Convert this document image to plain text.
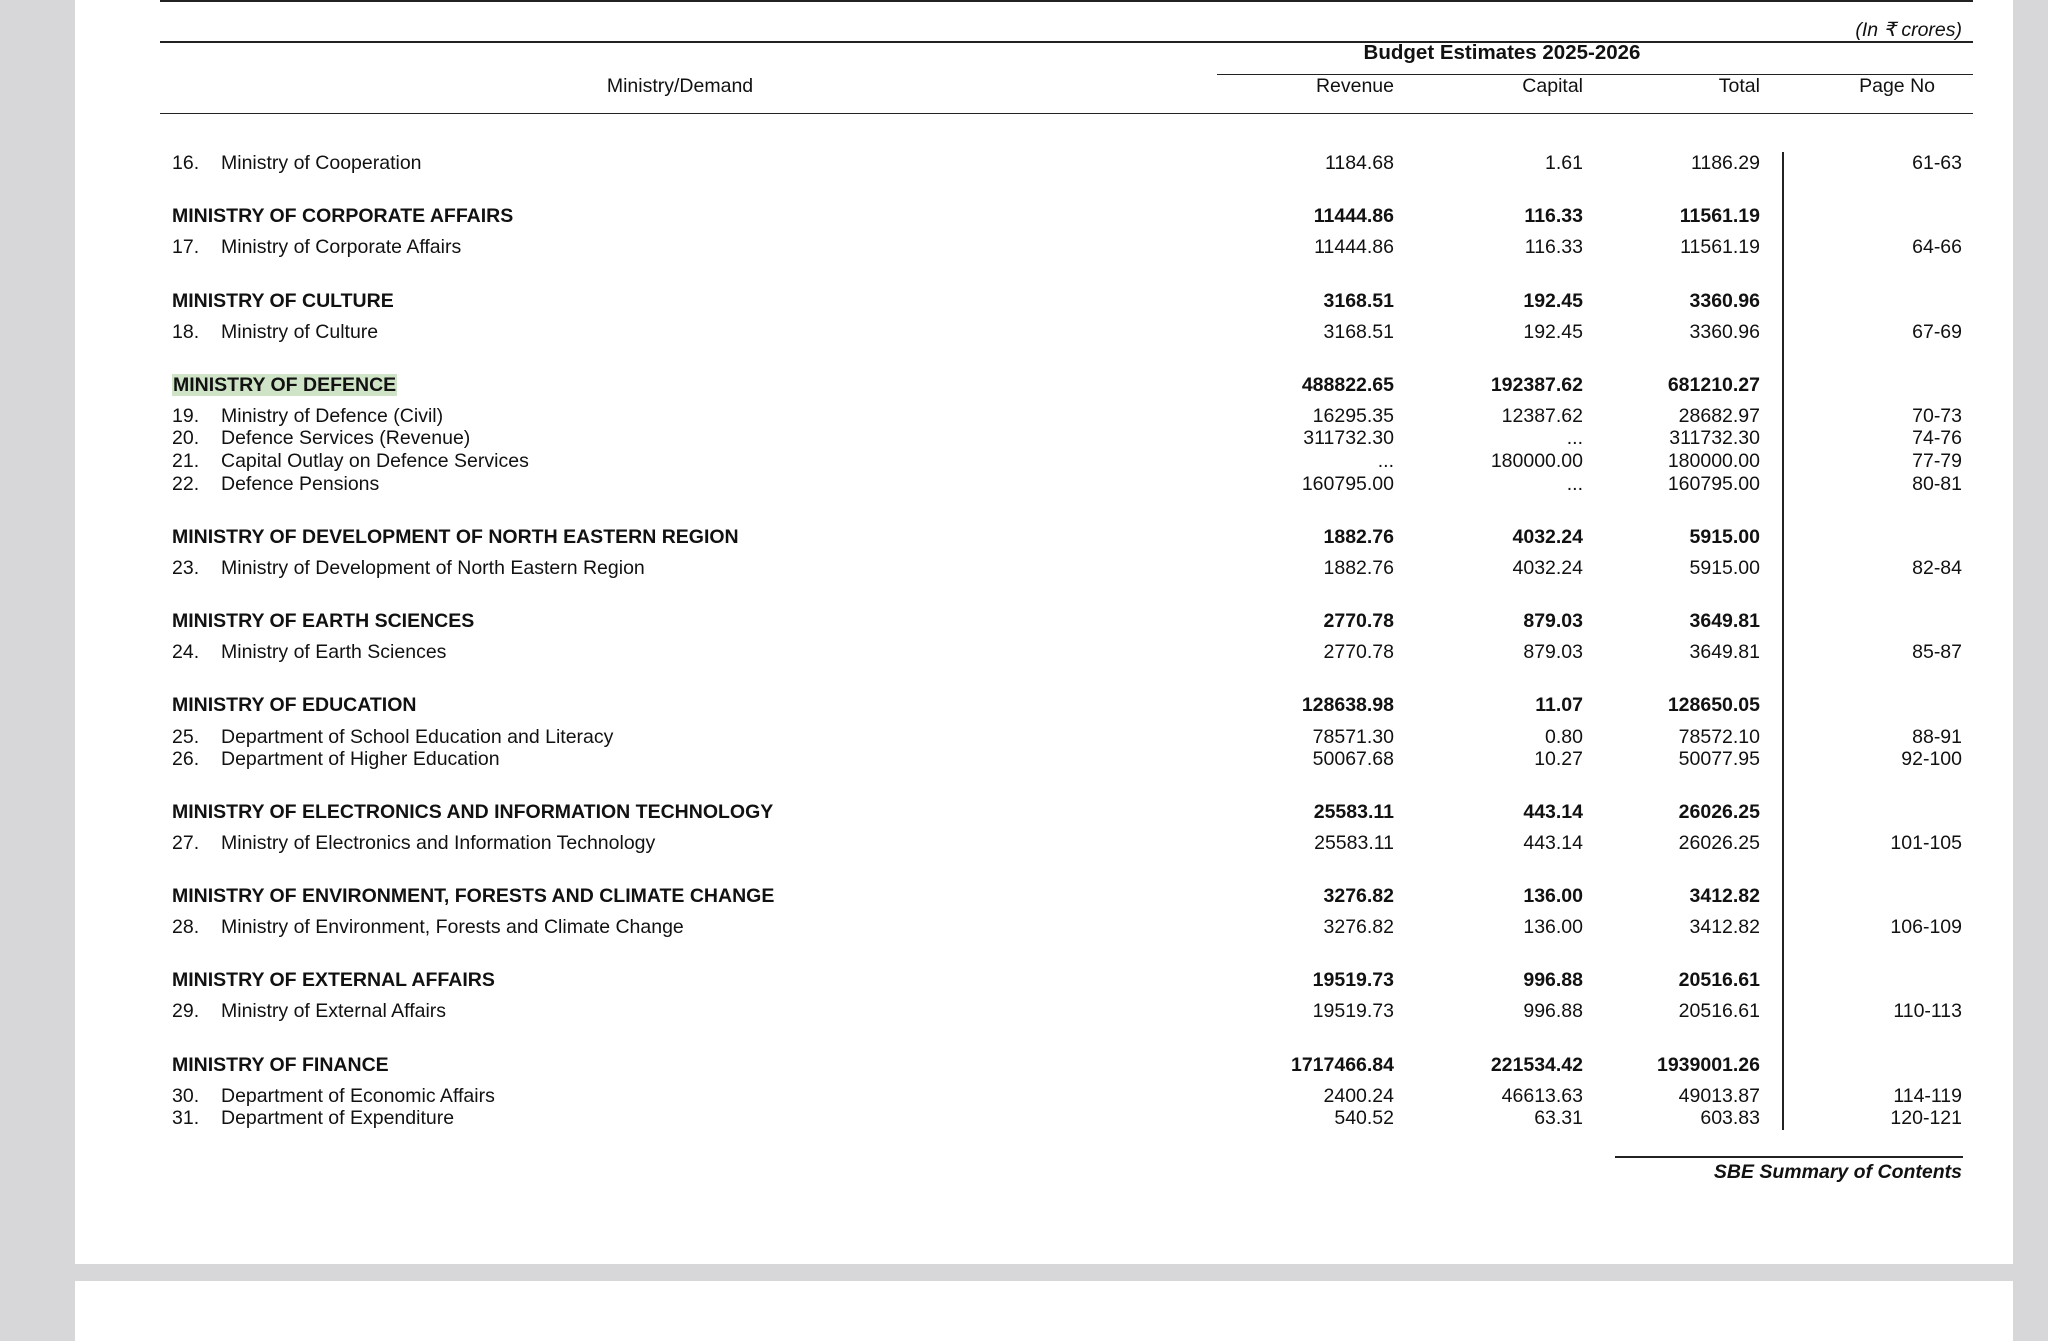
(In ₹ crores)
Budget Estimates 2025-2026
Ministry/Demand	Revenue	Capital	Total	Page No
16. Ministry of Cooperation	1184.68	1.61	1186.29	61-63
MINISTRY OF CORPORATE AFFAIRS	11444.86	116.33	11561.19
17. Ministry of Corporate Affairs	11444.86	116.33	11561.19	64-66
MINISTRY OF CULTURE	3168.51	192.45	3360.96
18. Ministry of Culture	3168.51	192.45	3360.96	67-69
MINISTRY OF DEFENCE	488822.65	192387.62	681210.27
19. Ministry of Defence (Civil)	16295.35	12387.62	28682.97	70-73
20. Defence Services (Revenue)	311732.30	...	311732.30	74-76
21. Capital Outlay on Defence Services	...	180000.00	180000.00	77-79
22. Defence Pensions	160795.00	...	160795.00	80-81
MINISTRY OF DEVELOPMENT OF NORTH EASTERN REGION	1882.76	4032.24	5915.00
23. Ministry of Development of North Eastern Region	1882.76	4032.24	5915.00	82-84
MINISTRY OF EARTH SCIENCES	2770.78	879.03	3649.81
24. Ministry of Earth Sciences	2770.78	879.03	3649.81	85-87
MINISTRY OF EDUCATION	128638.98	11.07	128650.05
25. Department of School Education and Literacy	78571.30	0.80	78572.10	88-91
26. Department of Higher Education	50067.68	10.27	50077.95	92-100
MINISTRY OF ELECTRONICS AND INFORMATION TECHNOLOGY	25583.11	443.14	26026.25
27. Ministry of Electronics and Information Technology	25583.11	443.14	26026.25	101-105
MINISTRY OF ENVIRONMENT, FORESTS AND CLIMATE CHANGE	3276.82	136.00	3412.82
28. Ministry of Environment, Forests and Climate Change	3276.82	136.00	3412.82	106-109
MINISTRY OF EXTERNAL AFFAIRS	19519.73	996.88	20516.61
29. Ministry of External Affairs	19519.73	996.88	20516.61	110-113
MINISTRY OF FINANCE	1717466.84	221534.42	1939001.26
30. Department of Economic Affairs	2400.24	46613.63	49013.87	114-119
31. Department of Expenditure	540.52	63.31	603.83	120-121
SBE Summary of Contents
